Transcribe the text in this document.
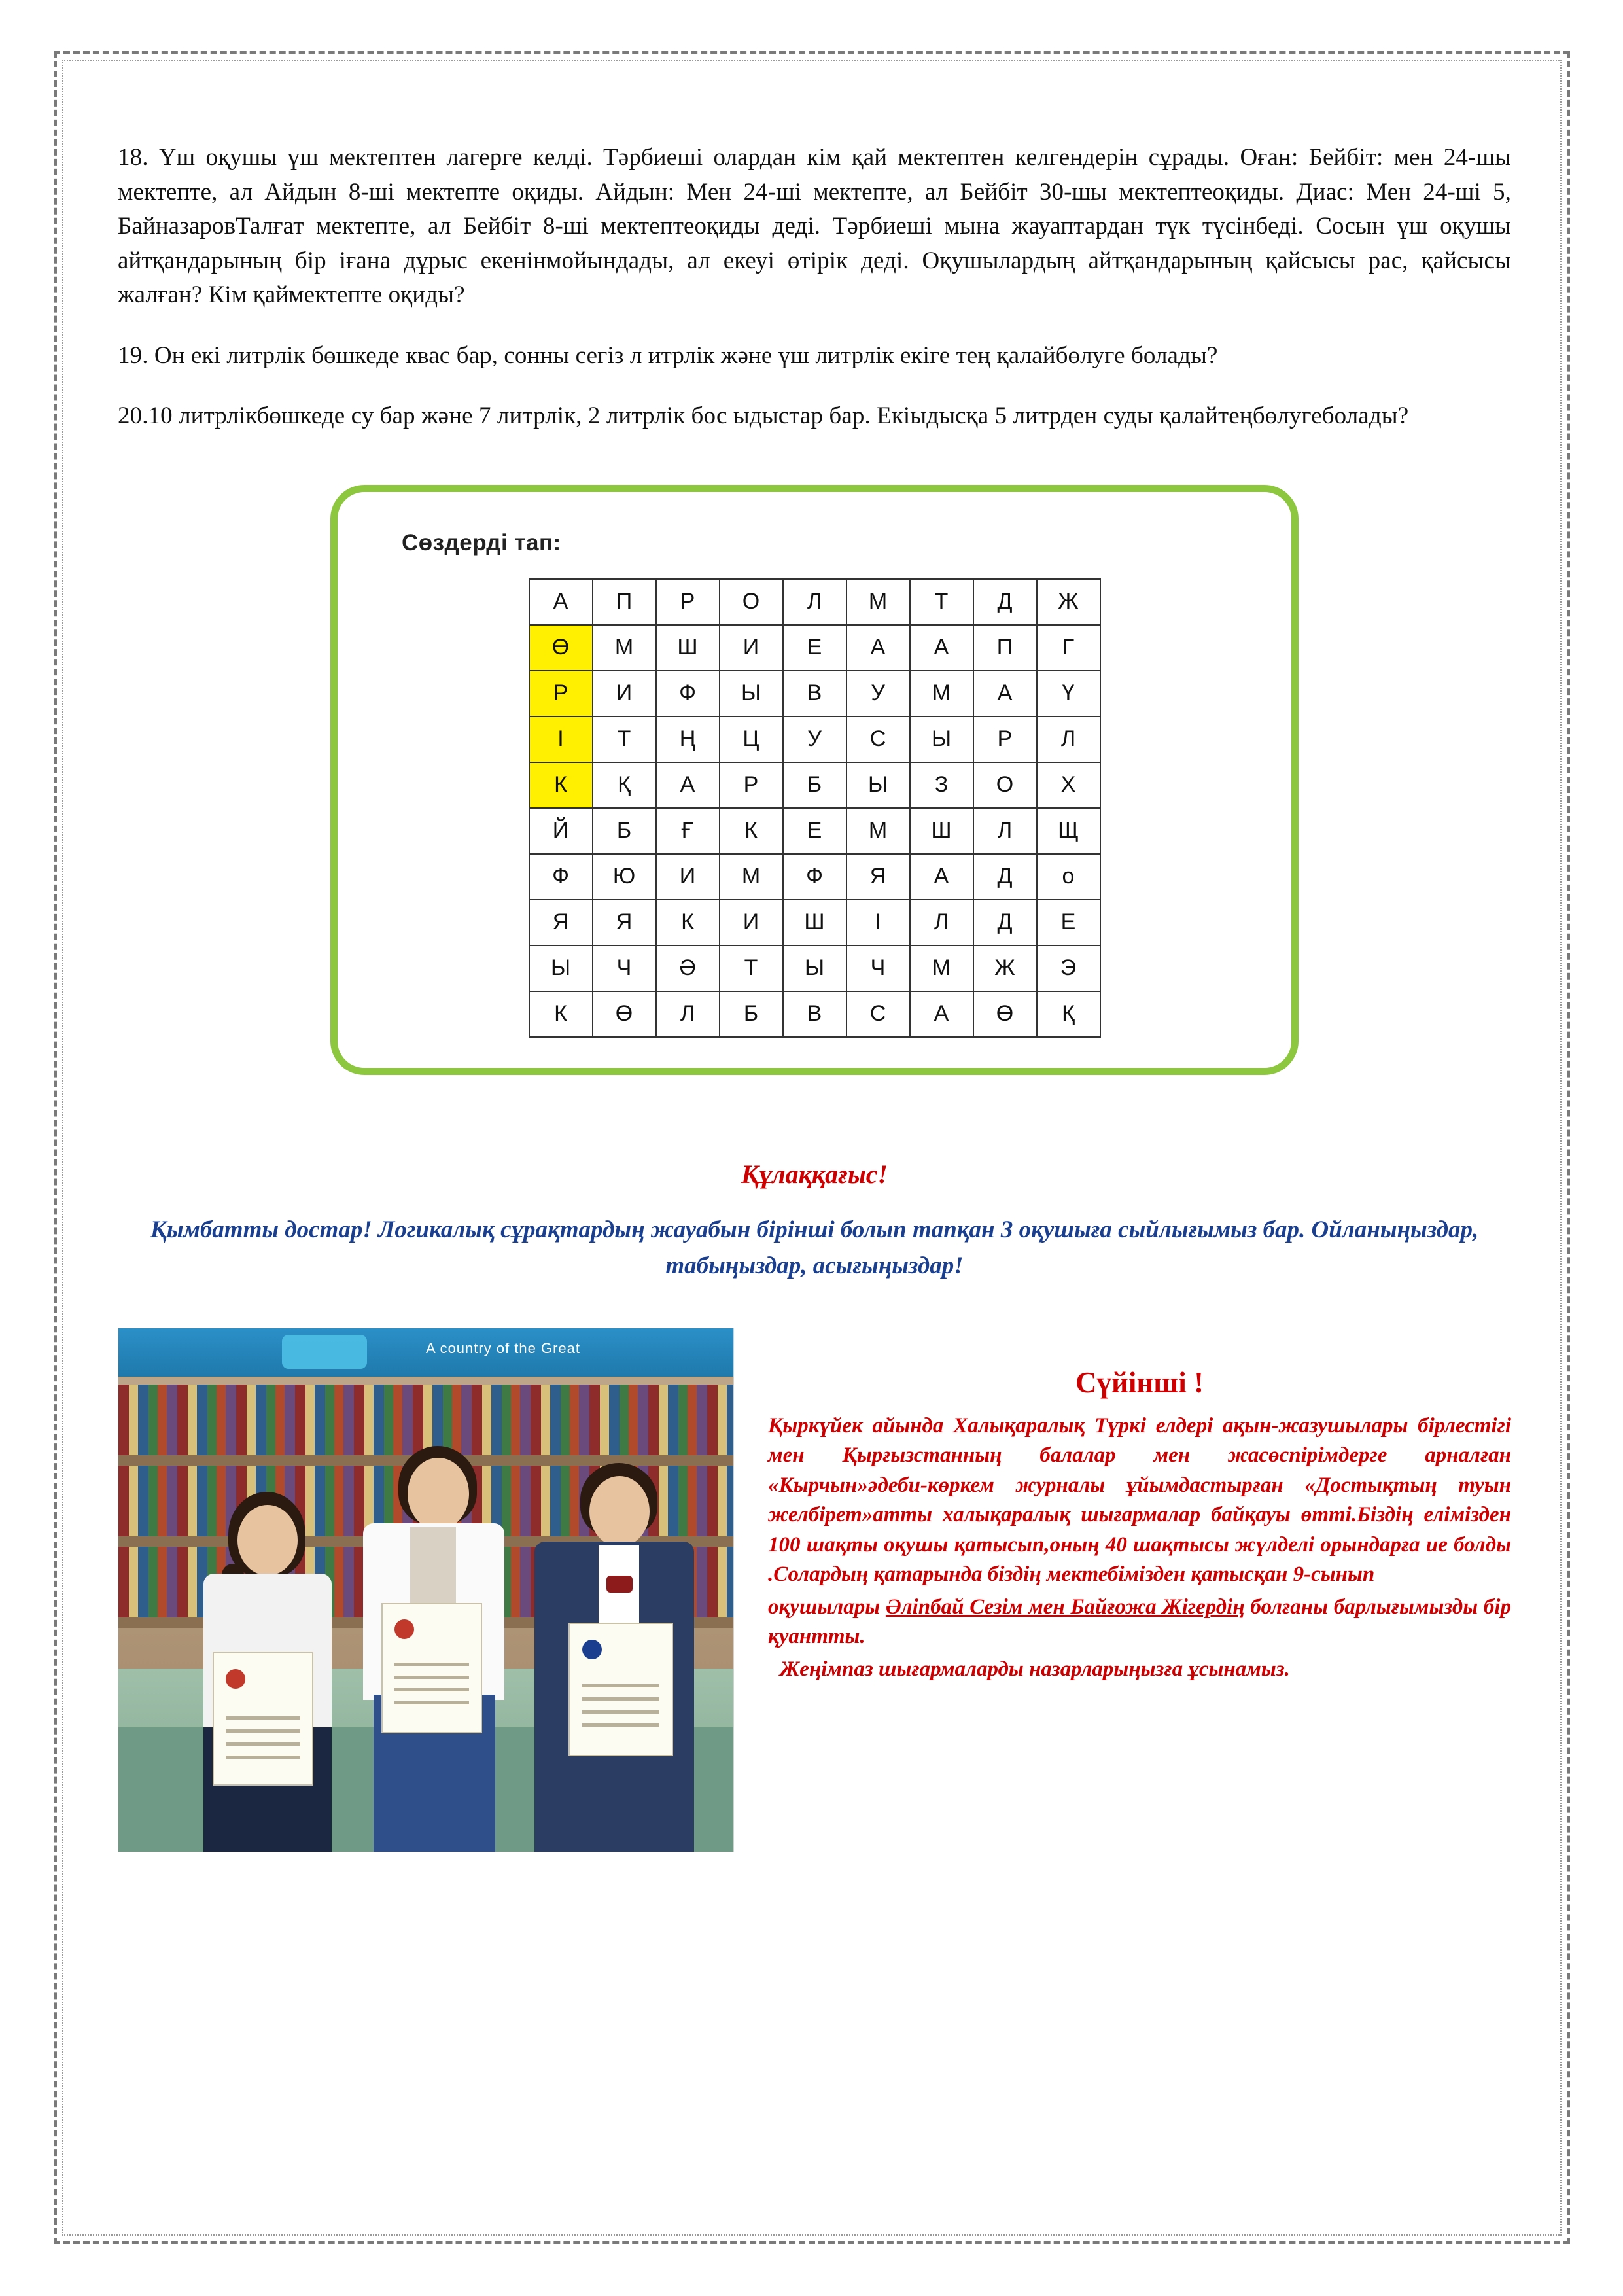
18. Үш оқушы үш мектептен лагерге келді. Тәрбиеші олардан кім қай мектептен келгендерін сұрады. Оған: Бейбіт: мен 24-шы мектепте, ал Айдын 8-ші мектепте оқиды. Айдын: Мен 24-ші мектепте, ал Бейбіт 30-шы мектептеоқиды. Диас: Мен 24-ші 5, БайназаровТалғат мектепте, ал Бейбіт 8-ші мектептеоқиды деді. Тәрбиеші мына жауаптардан түк түсінбеді. Сосын үш оқушы айтқандарының бір іғана дұрыс екенінмойындады, ал екеуі өтірік деді. Оқушылардың айтқандарының қайсысы рас, қайсысы жалған? Кім қаймектепте оқиды?

19. Он екі литрлік бөшкеде квас бар, сонны сегіз л итрлік және үш литрлік екіге тең қалайбөлуге болады?

20.10 литрлікбөшкеде су бар және 7 литрлік, 2 литрлік бос ыдыстар бар. Екіыдысқа 5 литрден суды қалайтеңбөлугеболады?

Сөздерді тап:
А	П	Р	О	Л	М	Т	Д	Ж
Ө	М	Ш	И	Е	А	А	П	Г
Р	И	Ф	Ы	В	У	М	А	Ү
І	Т	Ң	Ц	У	С	Ы	Р	Л
К	Қ	А	Р	Б	Ы	З	О	Х
Й	Б	Ғ	К	Е	М	Ш	Л	Щ
Ф	Ю	И	М	Ф	Я	А	Д	о
Я	Я	К	И	Ш	І	Л	Д	Е
Ы	Ч	Ә	Т	Ы	Ч	М	Ж	Э
К	Ө	Л	Б	В	С	А	Ө	Қ
Құлаққағыс!
Қымбатты достар! Логикалық сұрақтардың жауабын бірінші болып тапқан 3 оқушыға сыйлығымыз бар. Ойланыңыздар, табыңыздар, асығыңыздар!
A country of the Great
Сүйінші !

Қыркүйек айында Халықаралық Түркі елдері ақын-жазушылары бірлестігі мен Қырғызстанның балалар мен жасөспірімдерге арналған «Кырчын»әдеби-көркем журналы ұйымдастырған «Достықтың туын желбірет»атты халықаралық шығармалар байқауы өтті.Біздің елімізден 100 шақты оқушы қатысып,оның 40 шақтысы жүлделі орындарға ие болды .Солардың қатарында біздің мектебімізден қатысқан 9-сынып

оқушылары Әліпбай Сезім мен Байғожа Жігердің болғаны барлығымызды бір қуантты.

Жеңімпаз шығармаларды назарларыңызға ұсынамыз.
